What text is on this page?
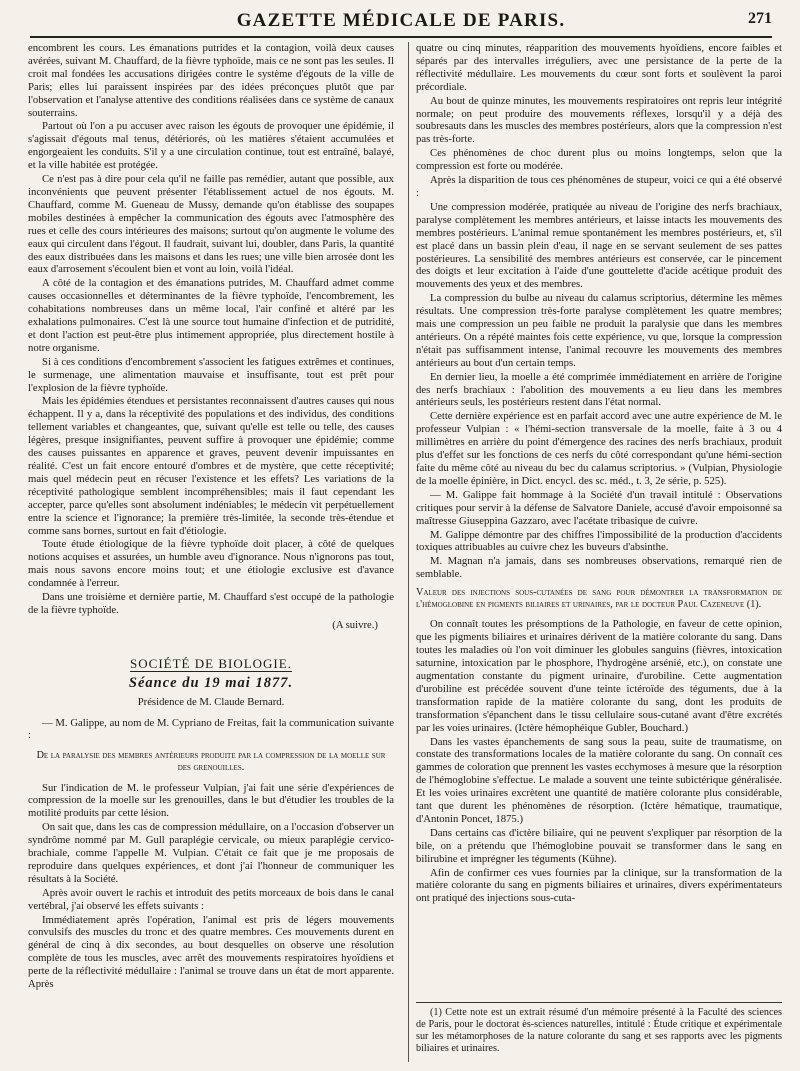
GAZETTE MÉDICALE DE PARIS.	271

encombrent les cours. Les émanations putrides et la contagion, voilà deux causes avérées, suivant M. Chauffard, de la fièvre typhoïde, mais ce ne sont pas les seules. Il croit mal fondées les accusations dirigées contre le système d'égouts de la ville de Paris; elles lui paraissent inspirées par des idées préconçues plutôt que par l'observation et l'analyse attentive des conditions réalisées dans ce système de canaux souterrains.

Partout où l'on a pu accuser avec raison les égouts de provoquer une épidémie, il s'agissait d'égouts mal tenus, détériorés, où les matières s'étaient accumulées et engorgeaient les conduits. S'il y a une circulation continue, tout est entraîné, balayé, et la ville habitée est protégée.

Ce n'est pas à dire pour cela qu'il ne faille pas remédier, autant que possible, aux inconvénients que peuvent présenter l'établissement actuel de nos égouts. M. Chauffard, comme M. Gueneau de Mussy, demande qu'on établisse des soupapes mobiles destinées à empêcher la communication des égouts avec l'atmosphère des rues et celle des cours intérieures des maisons; surtout qu'on augmente le volume des eaux qui circulent dans l'égout. Il faudrait, suivant lui, doubler, dans Paris, la quantité des eaux distribuées dans les maisons et dans les rues; une ville bien arrosée dont les eaux d'arrosement s'écoulent bien et vont au loin, voilà l'idéal.

A côté de la contagion et des émanations putrides, M. Chauffard admet comme causes occasionnelles et déterminantes de la fièvre typhoïde, l'encombrement, les cohabitations nombreuses dans un même local, l'air confiné et altéré par les exhalations pulmonaires. C'est là une source tout humaine d'infection et de putridité, et dont l'action est peut-être plus intimement appropriée, plus directement hostile à notre organisme.

Si à ces conditions d'encombrement s'associent les fatigues extrêmes et continues, le surmenage, une alimentation mauvaise et insuffisante, tout est prêt pour l'explosion de la fièvre typhoïde.

Mais les épidémies étendues et persistantes reconnaissent d'autres causes qui nous échappent. Il y a, dans la réceptivité des populations et des individus, des conditions tellement variables et changeantes, que, suivant qu'elle est telle ou telle, des causes légères, presque insignifiantes, peuvent suffire à provoquer une épidémie; comme des causes puissantes en apparence et graves, peuvent devenir impuissantes en réalité. C'est un fait encore entouré d'ombres et de mystère, que cette réceptivité; mais quel médecin peut en récuser l'existence et les effets? Les variations de la réceptivité pathologique semblent incompréhensibles; mais il faut cependant les accepter, parce qu'elles sont absolument indéniables; le médecin vit perpétuellement entre la science et l'ignorance; la première très-limitée, la seconde très-étendue et comme sans bornes, surtout en fait d'étiologie.

Toute étude étiologique de la fièvre typhoïde doit placer, à côté de quelques notions acquises et assurées, un humble aveu d'ignorance. Nous n'ignorons pas tout, mais nous savons encore moins tout; et une étiologie exclusive est d'avance condamnée à l'erreur.

Dans une troisième et dernière partie, M. Chauffard s'est occupé de la pathologie de la fièvre typhoïde.

(A suivre.)
SOCIÉTÉ DE BIOLOGIE.
Séance du 19 mai 1877.
Présidence de M. Claude Bernard.

— M. Galippe, au nom de M. Cypriano de Freitas, fait la communication suivante :

De la paralysie des membres antérieurs produite par la compression de la moelle sur des grenouilles.

Sur l'indication de M. le professeur Vulpian, j'ai fait une série d'expériences de compression de la moelle sur les grenouilles, dans le but d'étudier les troubles de la motilité produits par cette lésion.

On sait que, dans les cas de compression médullaire, on a l'occasion d'observer un syndrôme nommé par M. Gull paraplégie cervicale, ou mieux paraplégie cervico-brachiale, comme l'appelle M. Vulpian. C'était ce fait que je me proposais de reproduire dans quelques expériences, et dont j'ai l'honneur de communiquer les résultats à la Société.

Après avoir ouvert le rachis et introduit des petits morceaux de bois dans le canal vertébral, j'ai observé les effets suivants :

Immédiatement après l'opération, l'animal est pris de légers mouvements convulsifs des muscles du tronc et des quatre membres. Ces mouvements durent en général de cinq à dix secondes, au bout desquelles on observe une résolution complète de tous les muscles, avec arrêt des mouvements respiratoires hyoïdiens et perte de la réflectivité médullaire : l'animal se trouve dans un état de mort apparente. Après

quatre ou cinq minutes, réapparition des mouvements hyoïdiens, encore faibles et séparés par des intervalles irréguliers, avec une persistance de la perte de la réflectivité médullaire. Les mouvements du cœur sont forts et soulèvent la paroi précordiale.

Au bout de quinze minutes, les mouvements respiratoires ont repris leur intégrité normale; on peut produire des mouvements réflexes, lorsqu'il y a déjà des soubresauts dans les muscles des membres postérieurs, alors que la compression n'est pas très-forte.

Ces phénomènes de choc durent plus ou moins longtemps, selon que la compression est forte ou modérée.

Après la disparition de tous ces phénomènes de stupeur, voici ce qui a été observé :

Une compression modérée, pratiquée au niveau de l'origine des nerfs brachiaux, paralyse complètement les membres antérieurs, et laisse intacts les mouvements des membres postérieurs. L'animal remue spontanément les membres postérieurs, et, s'il est placé dans un bassin plein d'eau, il nage en se servant seulement de ses pattes postérieures. La sensibilité des membres antérieurs est conservée, car le pincement des doigts et leur excitation à l'aide d'une gouttelette d'acide acétique produit des mouvements des yeux et des membres.

La compression du bulbe au niveau du calamus scriptorius, détermine les mêmes résultats. Une compression très-forte paralyse complètement les quatre membres; mais une compression un peu faible ne produit la paralysie que dans les membres antérieurs. On a répété maintes fois cette expérience, vu que, lorsque la compression n'était pas suffisamment intense, l'animal recouvre les mouvements des membres antérieurs au bout d'un certain temps.

En dernier lieu, la moelle a été comprimée immédiatement en arrière de l'origine des nerfs brachiaux : l'abolition des mouvements a eu lieu dans les membres antérieurs seuls, les postérieurs restent dans l'état normal.

Cette dernière expérience est en parfait accord avec une autre expérience de M. le professeur Vulpian : « l'hémi-section transversale de la moelle, faite à 3 ou 4 millimètres en arrière du point d'émergence des racines des nerfs brachiaux, produit plus d'effet sur les fonctions de ces nerfs du côté correspondant qu'une hémi-section faite du même côté au niveau du bec du calamus scriptorius. » (Vulpian, Physiologie de la moelle épinière, in Dict. encycl. des sc. méd., t. 3, 2e série, p. 525).

— M. Galippe fait hommage à la Société d'un travail intitulé : Observations critiques pour servir à la défense de Salvatore Daniele, accusé d'avoir empoisonné sa maîtresse Giuseppina Gazzaro, avec l'acétate tribasique de cuivre.

M. Galippe démontre par des chiffres l'impossibilité de la production d'accidents toxiques attribuables au cuivre chez les buveurs d'absinthe.

M. Magnan n'a jamais, dans ses nombreuses observations, remarqué rien de semblable.

Valeur des injections sous-cutanées de sang pour démontrer la transformation de l'hémoglobine en pigments biliaires et urinaires, par le docteur Paul Cazeneuve (1).

On connaît toutes les présomptions de la Pathologie, en faveur de cette opinion, que les pigments biliaires et urinaires dérivent de la matière colorante du sang. Dans toutes les maladies où l'on voit diminuer les globules sanguins (fièvres, intoxication saturnine, intoxication par le phosphore, l'hydrogène arsénié, etc.), on constate une augmentation constante du pigment urinaire, d'urobiline. Cette augmentation d'urobiline est précédée souvent d'une teinte ictéroïde des téguments, due à la transformation rapide de la matière colorante du sang, dont les produits de transformation s'épanchent dans le tissu cellulaire sous-cutané avant d'être excrétés par les voies urinaires. (Ictère hémophéique Gubler, Bouchard.)

Dans les vastes épanchements de sang sous la peau, suite de traumatisme, on constate des transformations locales de la matière colorante du sang. On connaît ces gammes de coloration que prennent les vastes ecchymoses à mesure que la résorption de l'hémoglobine s'effectue. Le malade a souvent une teinte subictérique généralisée. Et les voies urinaires excrètent une quantité de matière colorante plus considérable, tant que durent les phénomènes de résorption. (Ictère hématique, traumatique, d'Antonin Poncet, 1875.)

Dans certains cas d'ictère biliaire, qui ne peuvent s'expliquer par résorption de la bile, on a prétendu que l'hémoglobine pouvait se transformer dans le sang en bilirubine et imprégner les téguments (Kühne).

Afin de confirmer ces vues fournies par la clinique, sur la transformation de la matière colorante du sang en pigments biliaires et urinaires, divers expérimentateurs ont pratiqué des injections sous-cuta-

(1) Cette note est un extrait résumé d'un mémoire présenté à la Faculté des sciences de Paris, pour le doctorat ès-sciences naturelles, intitulé : Étude critique et expérimentale sur les métamorphoses de la nature colorante du sang et ses rapports avec les pigments biliaires et urinaires.
